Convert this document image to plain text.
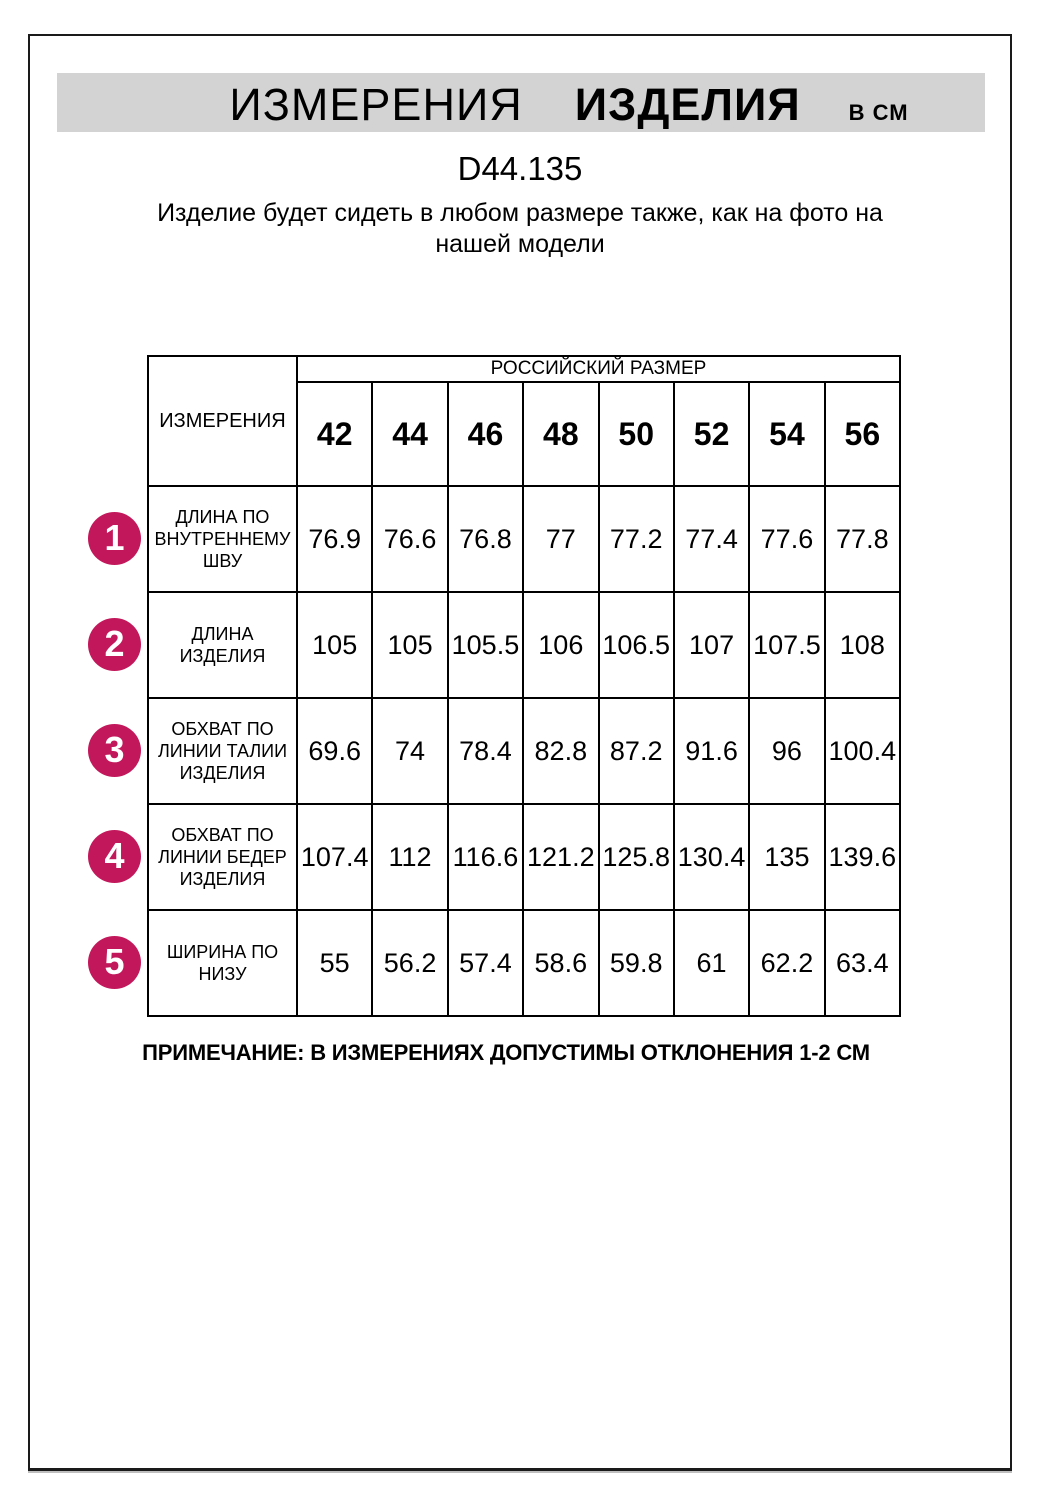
ИЗМЕРЕНИЯ ИЗДЕЛИЯ В СМ
D44.135
Изделие будет сидеть в любом размере также, как на фото на
нашей модели
ИЗМЕРЕНИЯ	РОССИЙСКИЙ РАЗМЕР							
	42	44	46	48	50	52	54	56
ДЛИНА ПО ВНУТРЕННЕМУ ШВУ	76.9	76.6	76.8	77	77.2	77.4	77.6	77.8
ДЛИНА ИЗДЕЛИЯ	105	105	105.5	106	106.5	107	107.5	108
ОБХВАТ ПО ЛИНИИ ТАЛИИ ИЗДЕЛИЯ	69.6	74	78.4	82.8	87.2	91.6	96	100.4
ОБХВАТ ПО ЛИНИИ БЕДЕР ИЗДЕЛИЯ	107.4	112	116.6	121.2	125.8	130.4	135	139.6
ШИРИНА ПО НИЗУ	55	56.2	57.4	58.6	59.8	61	62.2	63.4
1
2
3
4
5
ПРИМЕЧАНИЕ: В ИЗМЕРЕНИЯХ ДОПУСТИМЫ ОТКЛОНЕНИЯ 1-2 СМ
